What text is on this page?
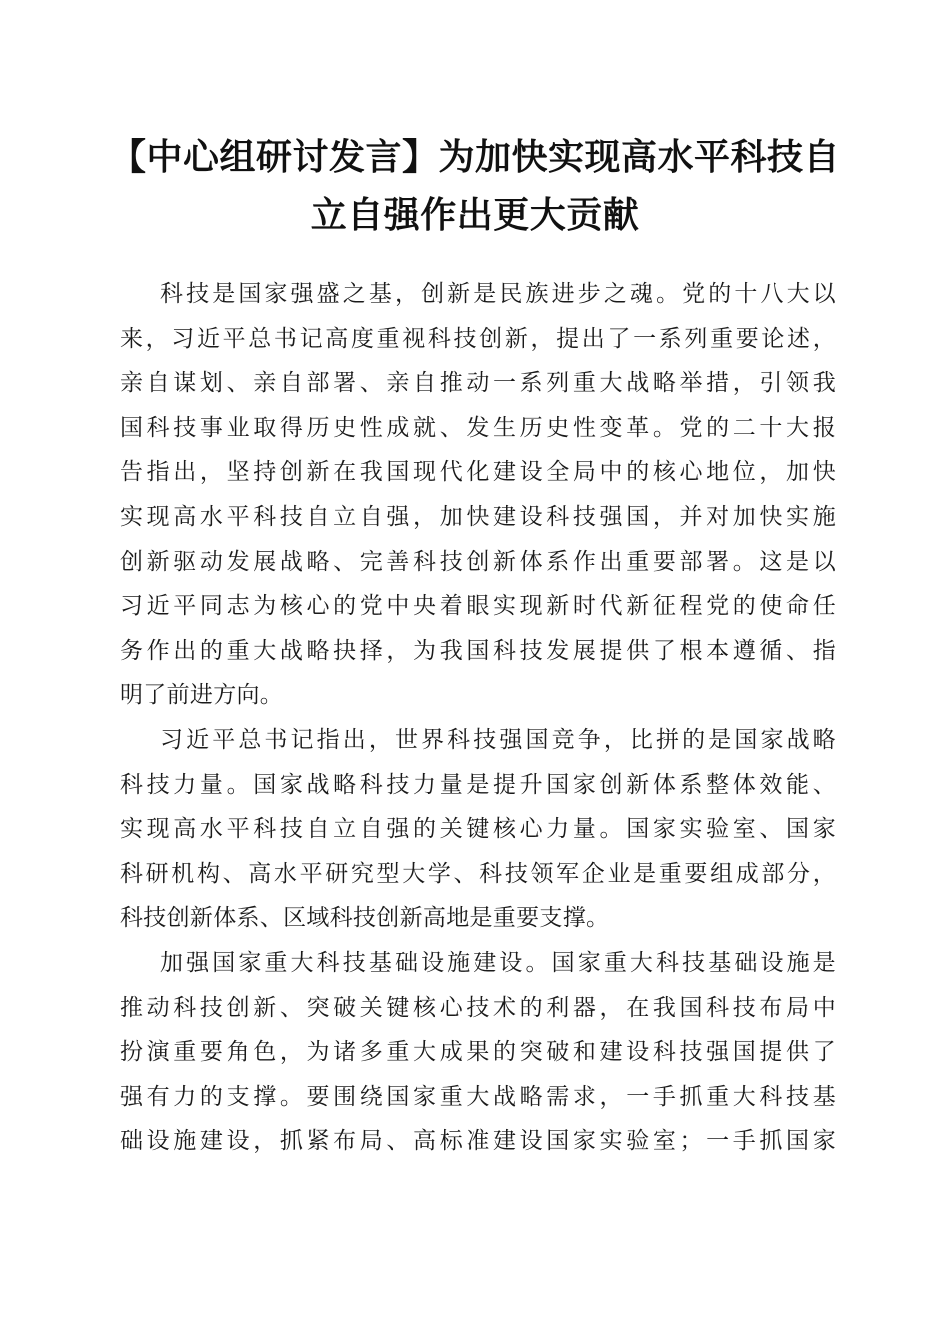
【中心组研讨发言】为加快实现高水平科技自
立自强作出更大贡献

科技是国家强盛之基，创新是民族进步之魂。党的十八大以
来，习近平总书记高度重视科技创新，提出了一系列重要论述，
亲自谋划、亲自部署、亲自推动一系列重大战略举措，引领我
国科技事业取得历史性成就、发生历史性变革。党的二十大报
告指出，坚持创新在我国现代化建设全局中的核心地位，加快
实现高水平科技自立自强，加快建设科技强国，并对加快实施
创新驱动发展战略、完善科技创新体系作出重要部署。这是以
习近平同志为核心的党中央着眼实现新时代新征程党的使命任
务作出的重大战略抉择，为我国科技发展提供了根本遵循、指
明了前进方向。

习近平总书记指出，世界科技强国竞争，比拼的是国家战略
科技力量。国家战略科技力量是提升国家创新体系整体效能、
实现高水平科技自立自强的关键核心力量。国家实验室、国家
科研机构、高水平研究型大学、科技领军企业是重要组成部分，
科技创新体系、区域科技创新高地是重要支撑。

加强国家重大科技基础设施建设。国家重大科技基础设施是
推动科技创新、突破关键核心技术的利器，在我国科技布局中
扮演重要角色，为诸多重大成果的突破和建设科技强国提供了
强有力的支撑。要围绕国家重大战略需求，一手抓重大科技基
础设施建设，抓紧布局、高标准建设国家实验室；一手抓国家
